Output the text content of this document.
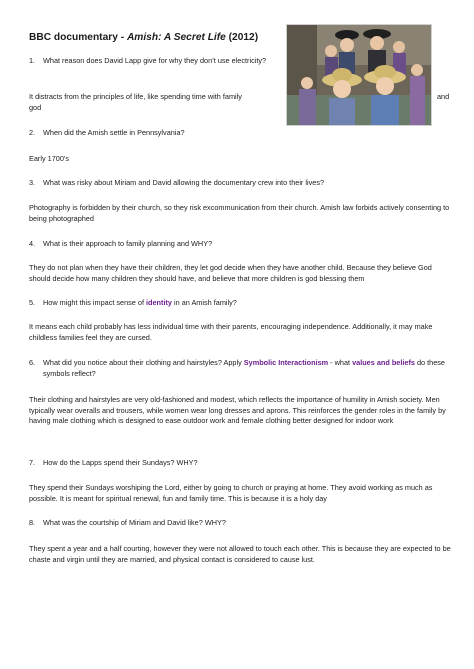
BBC documentary - Amish: A Secret Life (2012)
1.	What reason does David Lapp give for why they don’t use electricity?
It distracts from the principles of life, like spending time with family
god
and
2.	When did the Amish settle in Pennsylvania?
Early 1700’s
3.	What was risky about Miriam and David allowing the documentary crew into their lives?
Photography is forbidden by their church, so they risk excommunication from their church. Amish law forbids actively consenting to being photographed
4.	What is their approach to family planning and WHY?
They do not plan when they have their children, they let god decide when they have another child. Because they believe God should decide how many children they should have, and believe that more children is god blessing them
5.	How might this impact sense of identity in an Amish family?
It means each child probably has less individual time with their parents, encouraging independence. Additionally, it may make childless families feel they are cursed.
6.	What did you notice about their clothing and hairstyles? Apply Symbolic Interactionism - what values and beliefs do these symbols reflect?
Their clothing and hairstyles are very old-fashioned and modest, which reflects the importance of humility in Amish society. Men typically wear overalls and trousers, while women wear long dresses and aprons. This reinforces the gender roles in the family by having male clothing which is designed to ease outdoor work and female clothing better designed for indoor work
7.	How do the Lapps spend their Sundays? WHY?
They spend their Sundays worshiping the Lord, either by going to church or praying at home. They avoid working as much as possible. It is meant for spiritual renewal, fun and family time. This is because it is a holy day
8.	What was the courtship of Miriam and David like? WHY?
They spent a year and a half courting, however they were not allowed to touch each other. This is because they are expected to be chaste and virgin until they are married, and physical contact is considered to cause lust.
